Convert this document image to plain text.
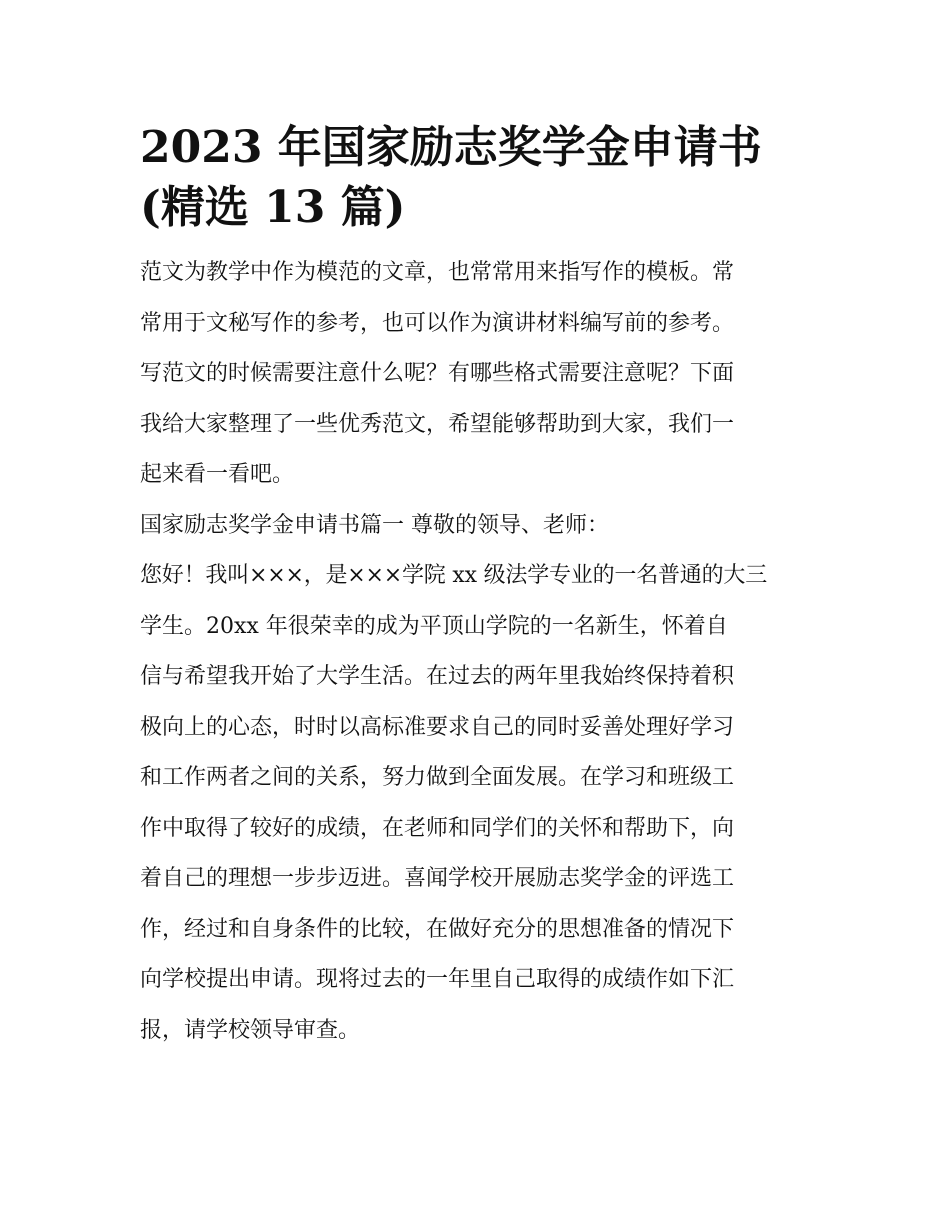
2023 年国家励志奖学金申请书
(精选 13 篇)

范文为教学中作为模范的文章，也常常用来指写作的模板。常
常用于文秘写作的参考，也可以作为演讲材料编写前的参考。
写范文的时候需要注意什么呢？有哪些格式需要注意呢？下面
我给大家整理了一些优秀范文，希望能够帮助到大家，我们一
起来看一看吧。

国家励志奖学金申请书篇一 尊敬的领导、老师：

您好！我叫×××，是×××学院 xx 级法学专业的一名普通的大三
学生。20xx 年很荣幸的成为平顶山学院的一名新生，怀着自
信与希望我开始了大学生活。在过去的两年里我始终保持着积
极向上的心态，时时以高标准要求自己的同时妥善处理好学习
和工作两者之间的关系，努力做到全面发展。在学习和班级工
作中取得了较好的成绩，在老师和同学们的关怀和帮助下，向
着自己的理想一步步迈进。喜闻学校开展励志奖学金的评选工
作，经过和自身条件的比较，在做好充分的思想准备的情况下
向学校提出申请。现将过去的一年里自己取得的成绩作如下汇
报，请学校领导审查。
